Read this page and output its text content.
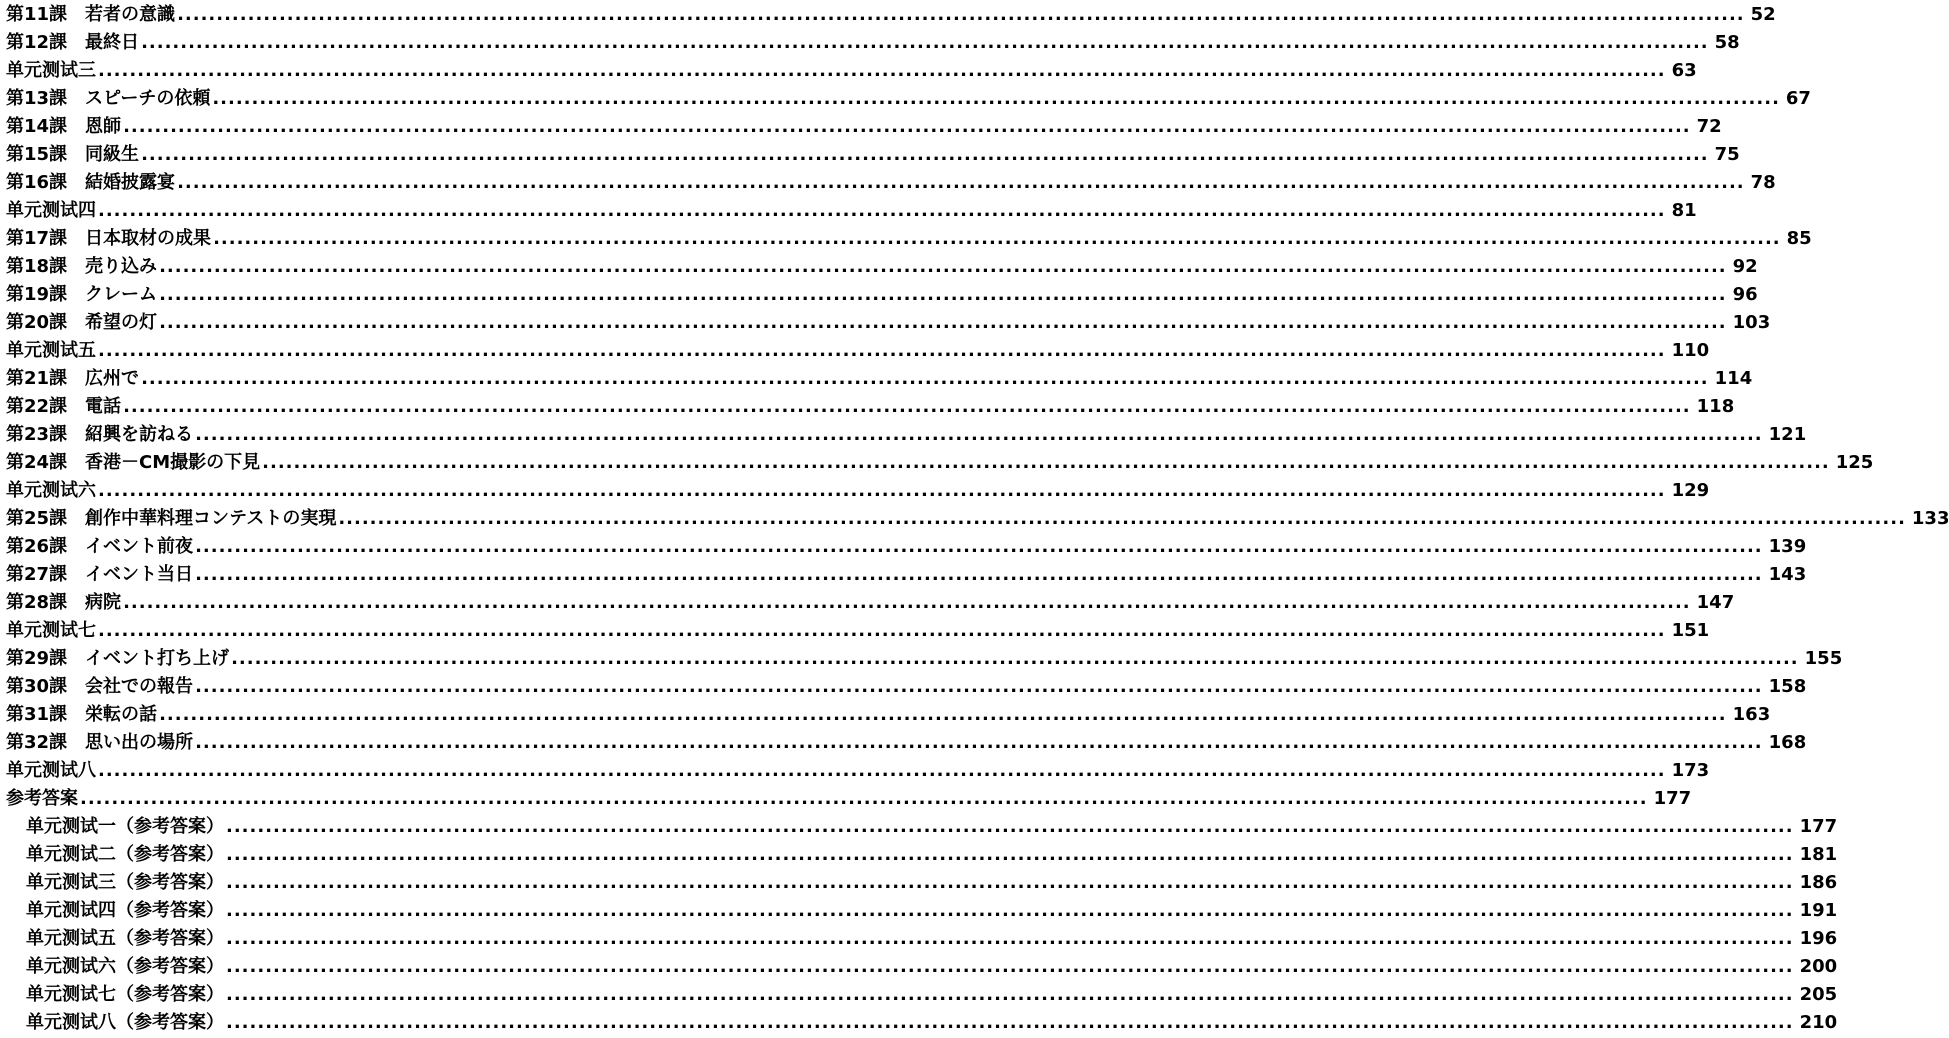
第11課　若者の意識 ........................................................................................................................................................................................................ 52
第12課　最終日 ........................................................................................................................................................................................................ 58
单元测试三 ........................................................................................................................................................................................................ 63
第13課　スピーチの依頼 ........................................................................................................................................................................................................ 67
第14課　恩師 ........................................................................................................................................................................................................ 72
第15課　同級生 ........................................................................................................................................................................................................ 75
第16課　結婚披露宴 ........................................................................................................................................................................................................ 78
单元测试四 ........................................................................................................................................................................................................ 81
第17課　日本取材の成果 ........................................................................................................................................................................................................ 85
第18課　売り込み ........................................................................................................................................................................................................ 92
第19課　クレーム ........................................................................................................................................................................................................ 96
第20課　希望の灯 ........................................................................................................................................................................................................ 103
单元测试五 ........................................................................................................................................................................................................ 110
第21課　広州で ........................................................................................................................................................................................................ 114
第22課　電話 ........................................................................................................................................................................................................ 118
第23課　紹興を訪ねる ........................................................................................................................................................................................................ 121
第24課　香港－CM撮影の下見 ........................................................................................................................................................................................................ 125
单元测试六 ........................................................................................................................................................................................................ 129
第25課　創作中華料理コンテストの実現 ........................................................................................................................................................................................................ 133
第26課　イベント前夜 ........................................................................................................................................................................................................ 139
第27課　イベント当日 ........................................................................................................................................................................................................ 143
第28課　病院 ........................................................................................................................................................................................................ 147
单元测试七 ........................................................................................................................................................................................................ 151
第29課　イベント打ち上げ ........................................................................................................................................................................................................ 155
第30課　会社での報告 ........................................................................................................................................................................................................ 158
第31課　栄転の話 ........................................................................................................................................................................................................ 163
第32課　思い出の場所 ........................................................................................................................................................................................................ 168
单元测试八 ........................................................................................................................................................................................................ 173
参考答案 ........................................................................................................................................................................................................ 177
单元测试一（参考答案） ........................................................................................................................................................................................................ 177
单元测试二（参考答案） ........................................................................................................................................................................................................ 181
单元测试三（参考答案） ........................................................................................................................................................................................................ 186
单元测试四（参考答案） ........................................................................................................................................................................................................ 191
单元测试五（参考答案） ........................................................................................................................................................................................................ 196
单元测试六（参考答案） ........................................................................................................................................................................................................ 200
单元测试七（参考答案） ........................................................................................................................................................................................................ 205
单元测试八（参考答案） ........................................................................................................................................................................................................ 210
